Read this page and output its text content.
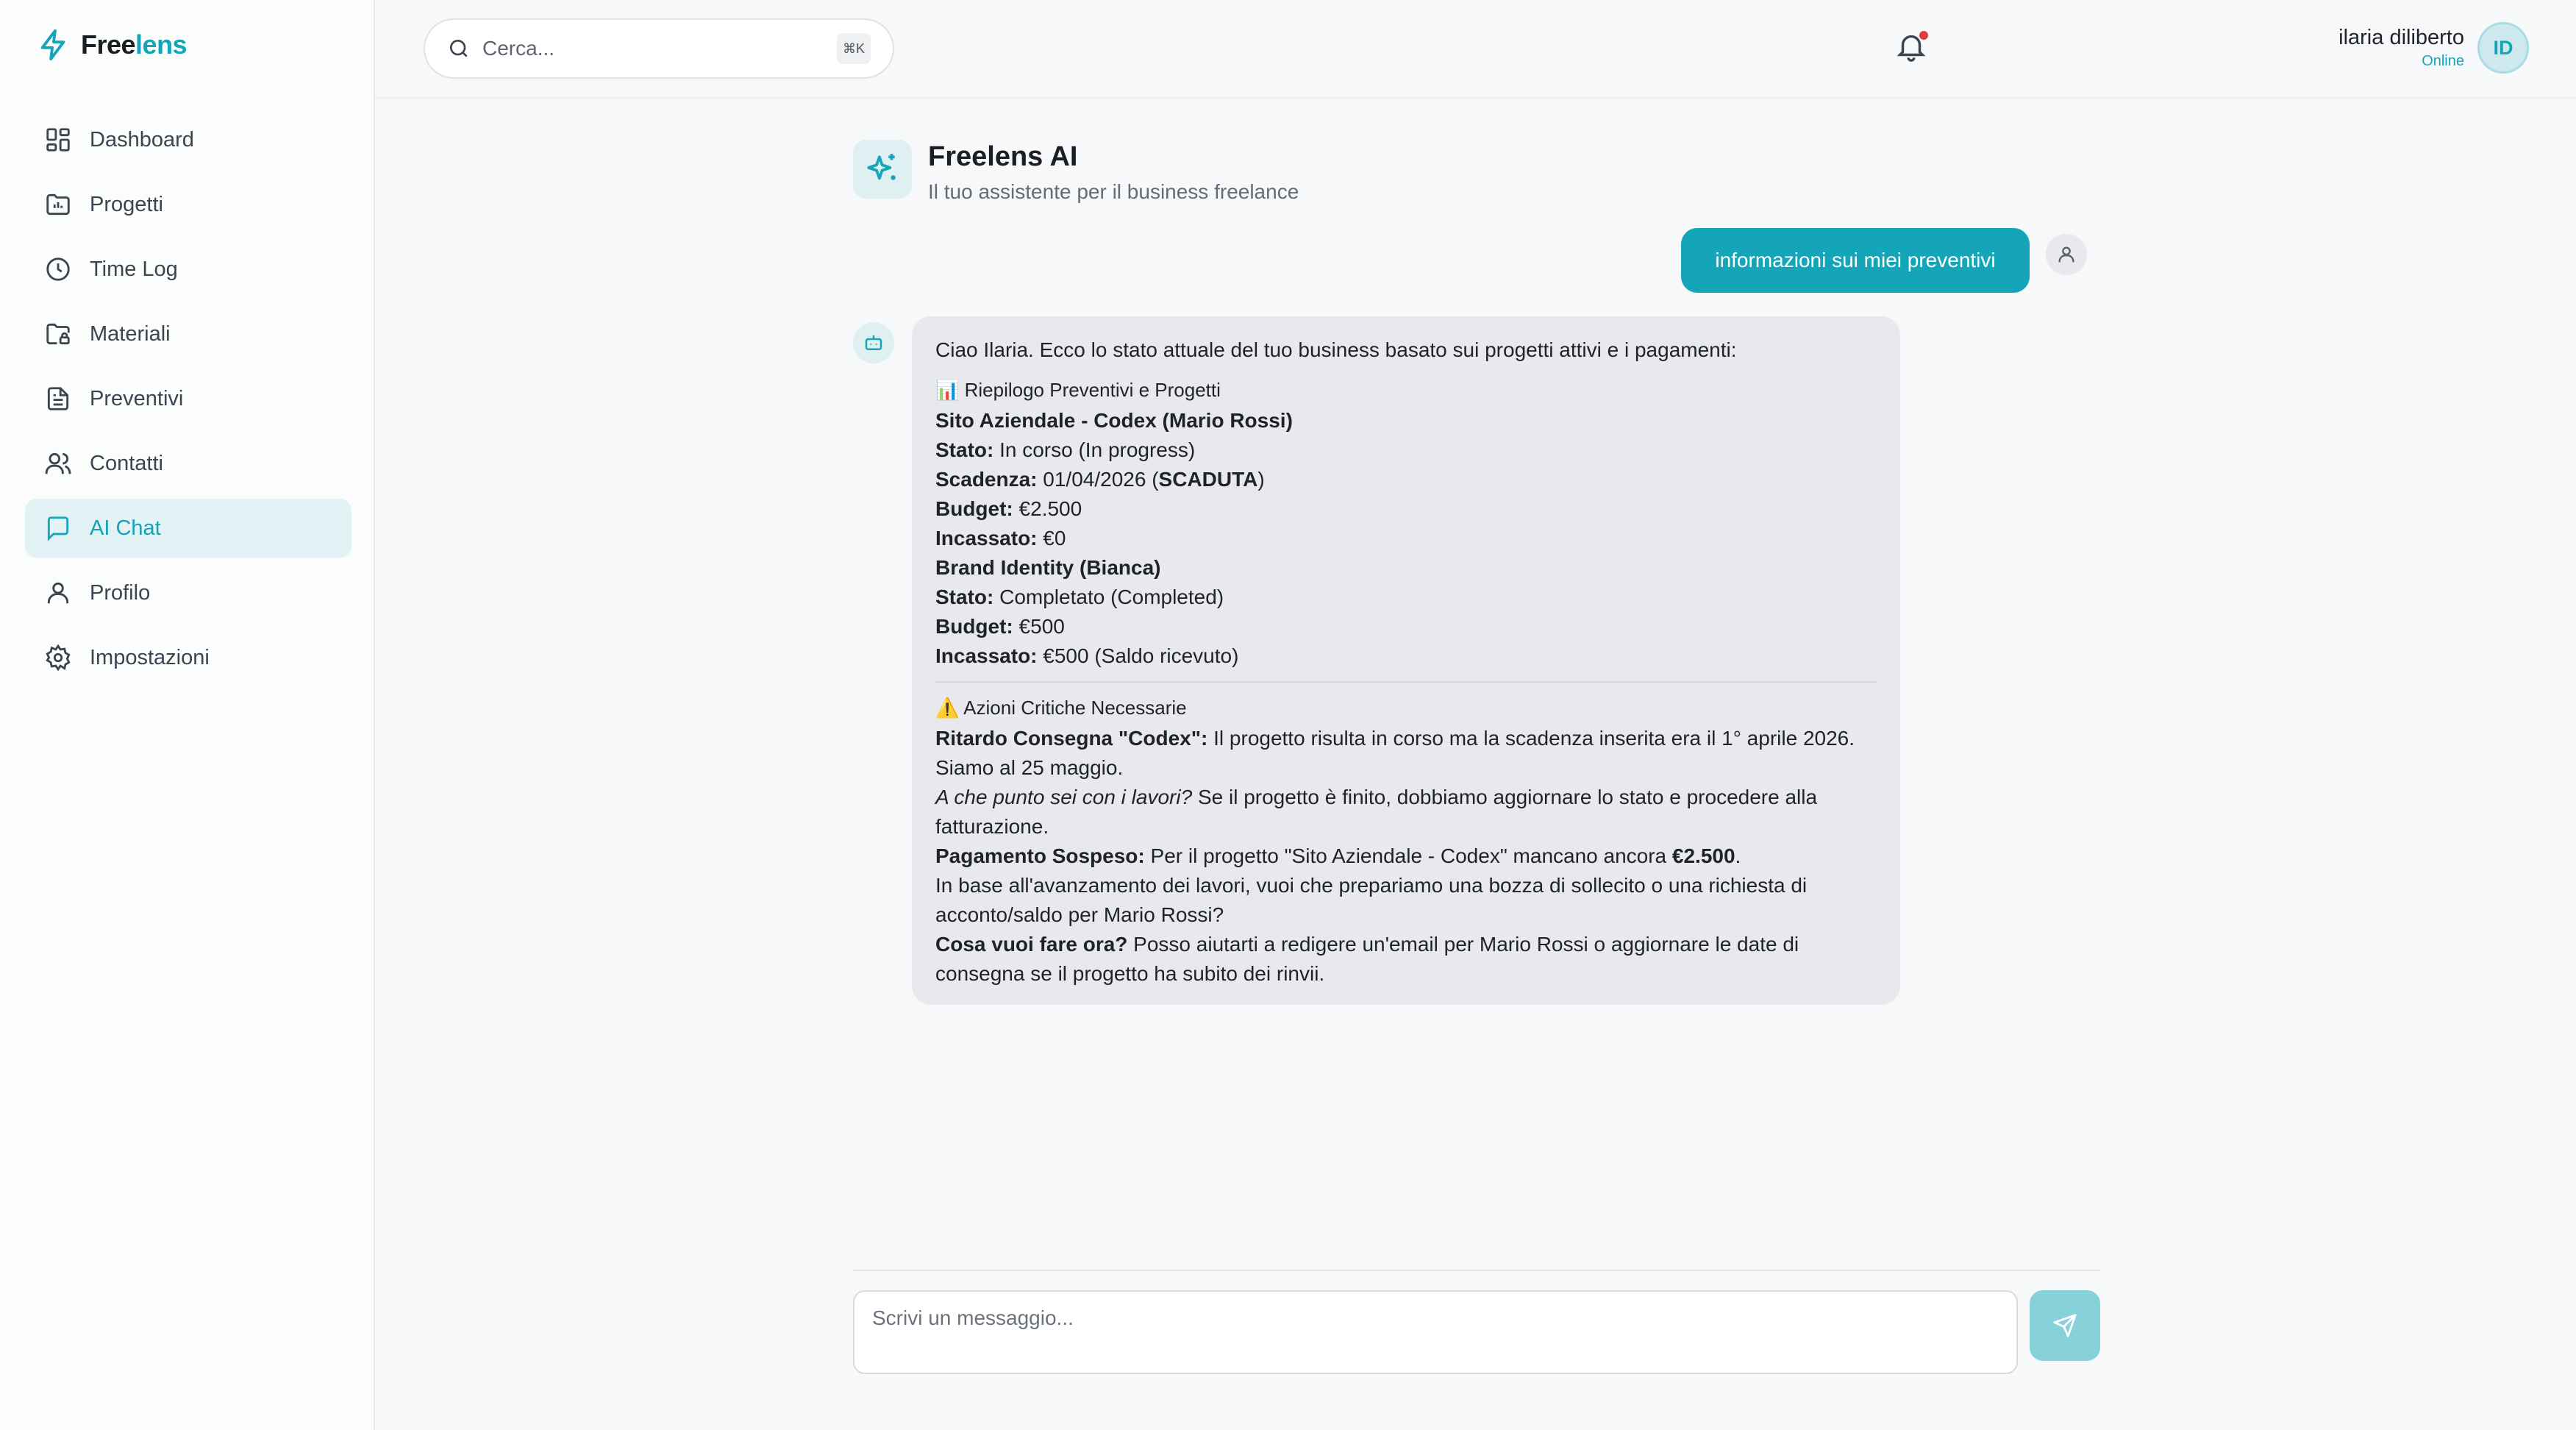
Freelens
Dashboard
Progetti
Time Log
Materiali
Preventivi
Contatti
AI Chat
Profilo
Impostazioni
Cerca...	⌘K	ilaria diliberto
Online
ID
Freelens AI
Il tuo assistente per il business freelance
informazioni sui miei preventivi
Ciao Ilaria. Ecco lo stato attuale del tuo business basato sui progetti attivi e i pagamenti:
📊 Riepilogo Preventivi e Progetti
Sito Aziendale - Codex (Mario Rossi)
Stato: In corso (In progress)
Scadenza: 01/04/2026 (SCADUTA)
Budget: €2.500
Incassato: €0
Brand Identity (Bianca)
Stato: Completato (Completed)
Budget: €500
Incassato: €500 (Saldo ricevuto)
⚠️ Azioni Critiche Necessarie
Ritardo Consegna "Codex": Il progetto risulta in corso ma la scadenza inserita era il 1° aprile 2026. Siamo al 25 maggio.
A che punto sei con i lavori? Se il progetto è finito, dobbiamo aggiornare lo stato e procedere alla fatturazione.
Pagamento Sospeso: Per il progetto "Sito Aziendale - Codex" mancano ancora €2.500.
In base all'avanzamento dei lavori, vuoi che prepariamo una bozza di sollecito o una richiesta di acconto/saldo per Mario Rossi?
Cosa vuoi fare ora? Posso aiutarti a redigere un'email per Mario Rossi o aggiornare le date di consegna se il progetto ha subito dei rinvii.
Scrivi un messaggio...
